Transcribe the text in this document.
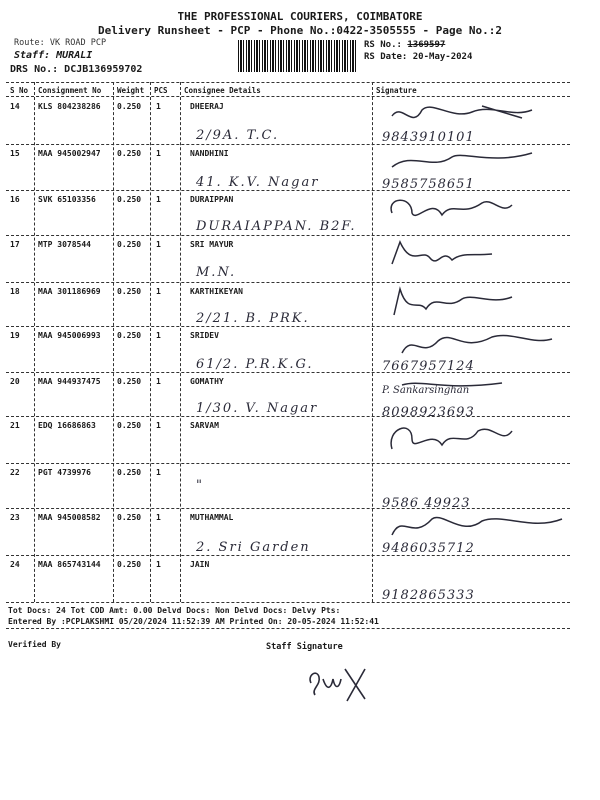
THE PROFESSIONAL COURIERS, COIMBATORE
Delivery Runsheet - PCP - Phone No.:0422-3505555 - Page No.:2
Route: VK ROAD PCP
Staff: MURALI
DRS No.: DCJB136959702
RS No.: 1369597
RS Date: 20-May-2024
S No Consignment No Weight PCS Consignee Details	Signature
14 KLS 804238286 0.250 1	DHEERAJ
2/9A. T.C.	9843910101
15 MAA 945002947 0.250 1	NANDHINI
41. K.V. Nagar	9585758651
16 SVK 65103356	0.250 1	DURAIPPAN
DURAIAPPAN. B2F.
17 MTP 3078544	0.250 1	SRI MAYUR
M.N.
18 MAA 301186969 0.250 1	KARTHIKEYAN
2/21. B. PRK.
19 MAA 945006993 0.250 1	SRIDEV
61/2. P.R.K.G.	7667957124
20 MAA 944937475 0.250 1	GOMATHY
1/30. V. Nagar	8098923693
P. Sankarsinghan
21 EDQ 16686863	0.250 1	SARVAM
22 PGT 4739976	0.250 1
"
9586 49923
23 MAA 945008582 0.250 1	MUTHAMMAL
2. Sri Garden	9486035712
24 MAA 865743144 0.250 1	JAIN
9182865333
Tot Docs: 24 Tot COD Amt: 0.00 Delvd Docs: Non Delvd Docs: Delvy Pts:
Entered By :PCPLAKSHMI 05/20/2024 11:52:39 AM Printed On: 20-05-2024 11:52:41
Verified By	Staff Signature
